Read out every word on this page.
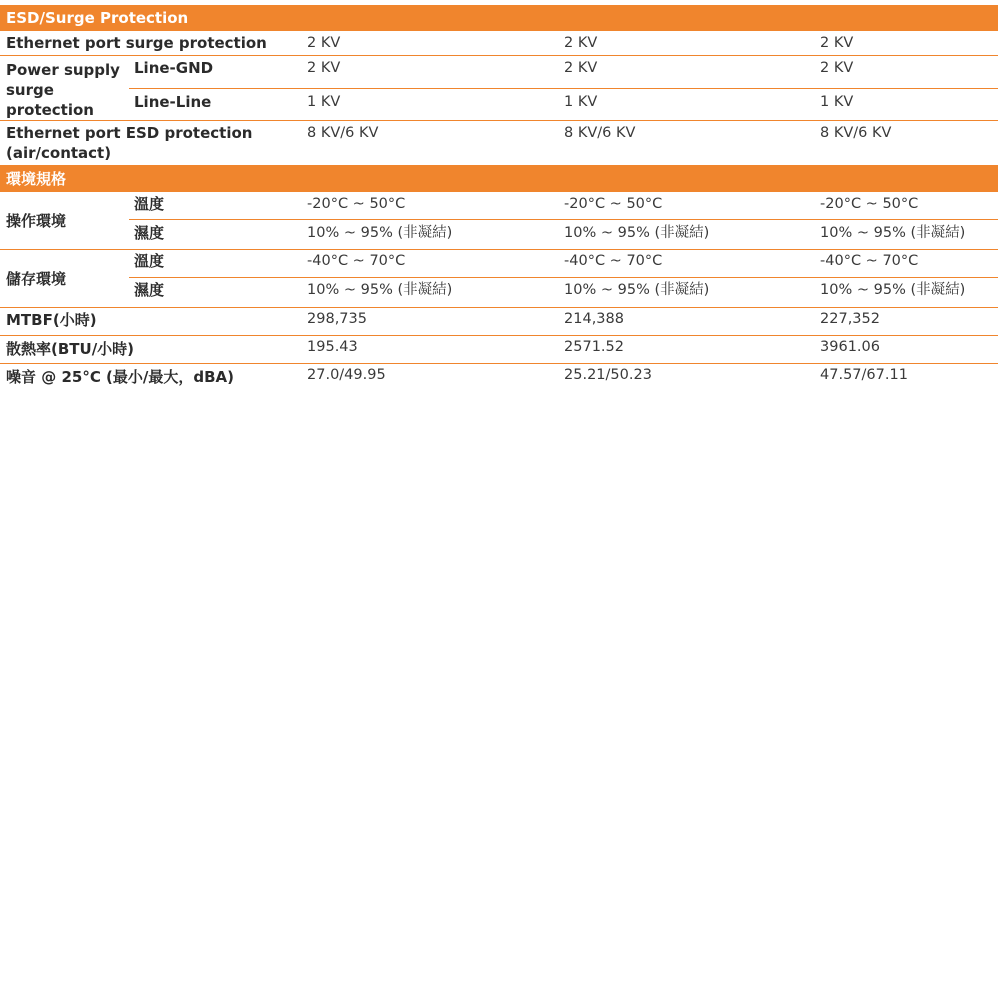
ESD/Surge Protection				
Ethernet port surge protection		2 KV	2 KV	2 KV
Power supply surge protection	Line-GND	2 KV	2 KV	2 KV
	Line-Line	1 KV	1 KV	1 KV
Ethernet port ESD protection (air/contact)		8 KV/6 KV	8 KV/6 KV	8 KV/6 KV
環境規格				
操作環境	溫度	-20°C ~ 50°C	-20°C ~ 50°C	-20°C ~ 50°C
	濕度	10% ~ 95% (非凝結)	10% ~ 95% (非凝結)	10% ~ 95% (非凝結)
儲存環境	溫度	-40°C ~ 70°C	-40°C ~ 70°C	-40°C ~ 70°C
	濕度	10% ~ 95% (非凝結)	10% ~ 95% (非凝結)	10% ~ 95% (非凝結)
MTBF(小時)		298,735	214,388	227,352
散熱率(BTU/小時)		195.43	2571.52	3961.06
噪音 @ 25°C (最小/最大，dBA)		27.0/49.95	25.21/50.23	47.57/67.11
